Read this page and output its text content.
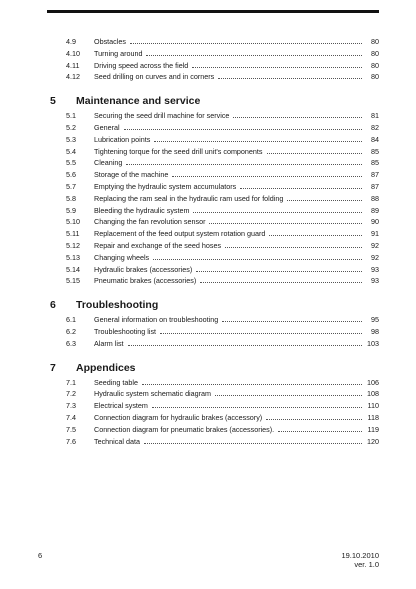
4.9	Obstacles	80
4.10	Turning around	80
4.11	Driving speed across the field	80
4.12	Seed drilling on curves and in corners	80
5	Maintenance and service
5.1	Securing the seed drill machine for service	81
5.2	General	82
5.3	Lubrication points	84
5.4	Tightening torque for the seed drill unit's components	85
5.5	Cleaning	85
5.6	Storage of the machine	87
5.7	Emptying the hydraulic system accumulators	87
5.8	Replacing the ram seal in the hydraulic ram used for folding	88
5.9	Bleeding the hydraulic system	89
5.10	Changing the fan revolution sensor	90
5.11	Replacement of the feed output system rotation guard	91
5.12	Repair and exchange of the seed hoses	92
5.13	Changing wheels	92
5.14	Hydraulic brakes (accessories)	93
5.15	Pneumatic brakes (accessories)	93
6	Troubleshooting
6.1	General information on troubleshooting	95
6.2	Troubleshooting list	98
6.3	Alarm list	103
7	Appendices
7.1	Seeding table	106
7.2	Hydraulic system schematic diagram	108
7.3	Electrical system	110
7.4	Connection diagram for hydraulic brakes (accessory)	118
7.5	Connection diagram for pneumatic brakes (accessories).	119
7.6	Technical data	120
6	19.10.2010
ver. 1.0
